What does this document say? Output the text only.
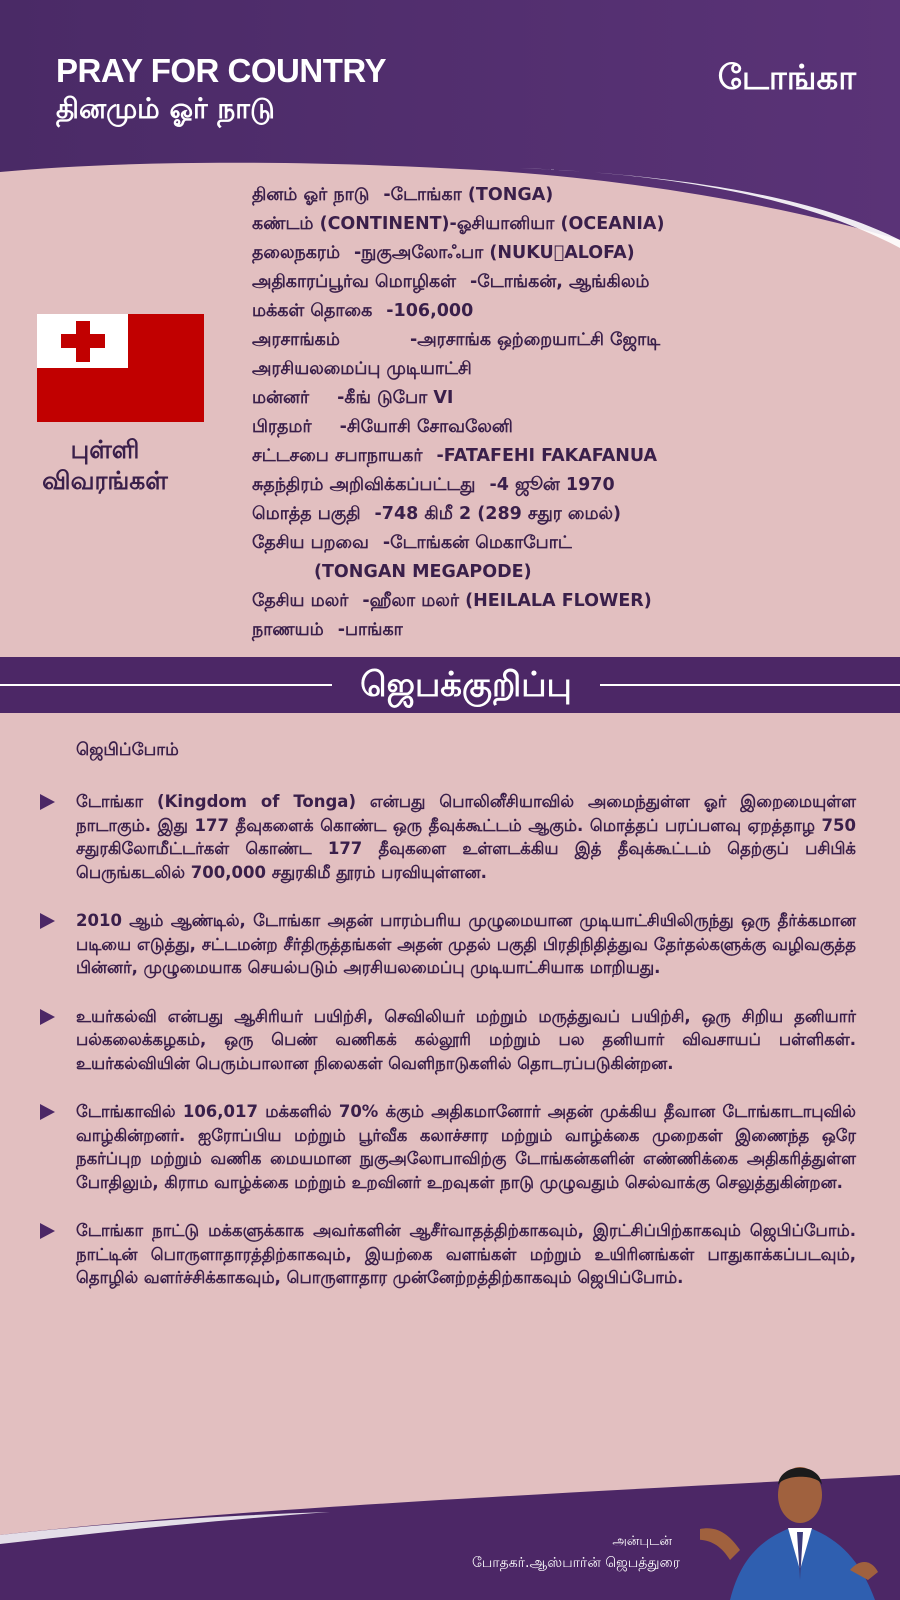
PRAY FOR COUNTRY
தினமும் ஓர் நாடு
டோங்கா
புள்ளி
விவரங்கள்
தினம் ஓர் நாடு -டோங்கா (TONGA)
கண்டம் (CONTINENT)-ஓசியானியா (OCEANIA)
தலைநகரம் -நுகுஅலோஃபா (NUKU ALOFA)
அதிகாரப்பூர்வ மொழிகள் -டோங்கன், ஆங்கிலம்
மக்கள் தொகை -106,000
அரசாங்கம்	-அரசாங்க ஒற்றையாட்சி ஜோடி
அரசியலமைப்பு முடியாட்சி
மன்னர் -கீங் டுபோ VI
பிரதமர் -சியோசி சோவலேனி
சட்டசபை சபாநாயகர் -FATAFEHI FAKAFANUA
சுதந்திரம் அறிவிக்கப்பட்டது -4 ஜூன் 1970
மொத்த பகுதி -748 கிமீ 2 (289 சதுர மைல்)
தேசிய பறவை -டோங்கன் மெகாபோட்
(TONGAN MEGAPODE)
தேசிய மலர் -ஹீலா மலர் (HEILALA FLOWER)
நாணயம் -பாங்கா
ஜெபக்குறிப்பு
ஜெபிப்போம்
டோங்கா (Kingdom of Tonga) என்பது பொலினீசியாவில் அமைந்துள்ள ஓர் இறைமையுள்ள நாடாகும். இது 177 தீவுகளைக் கொண்ட ஒரு தீவுக்கூட்டம் ஆகும். மொத்தப் பரப்பளவு ஏறத்தாழ 750 சதுரகிலோமீட்டர்கள் கொண்ட 177 தீவுகளை உள்ளடக்கிய இத் தீவுக்கூட்டம் தெற்குப் பசிபிக் பெருங்கடலில் 700,000 சதுரகிமீ தூரம் பரவியுள்ளன.
2010 ஆம் ஆண்டில், டோங்கா அதன் பாரம்பரிய முழுமையான முடியாட்சியிலிருந்து ஒரு தீர்க்கமான படியை எடுத்து, சட்டமன்ற சீர்திருத்தங்கள் அதன் முதல் பகுதி பிரதிநிதித்துவ தேர்தல்களுக்கு வழிவகுத்த பின்னர், முழுமையாக செயல்படும் அரசியலமைப்பு முடியாட்சியாக மாறியது.
உயர்கல்வி என்பது ஆசிரியர் பயிற்சி, செவிலியர் மற்றும் மருத்துவப் பயிற்சி, ஒரு சிறிய தனியார் பல்கலைக்கழகம், ஒரு பெண் வணிகக் கல்லூரி மற்றும் பல தனியார் விவசாயப் பள்ளிகள். உயர்கல்வியின் பெரும்பாலான நிலைகள் வெளிநாடுகளில் தொடரப்படுகின்றன.
டோங்காவில் 106,017 மக்களில் 70% க்கும் அதிகமானோர் அதன் முக்கிய தீவான டோங்காடாபுவில் வாழ்கின்றனர். ஐரோப்பிய மற்றும் பூர்வீக கலாச்சார மற்றும் வாழ்க்கை முறைகள் இணைந்த ஒரே நகர்ப்புற மற்றும் வணிக மையமான நுகுஅலோபாவிற்கு டோங்கன்களின் எண்ணிக்கை அதிகரித்துள்ள போதிலும், கிராம வாழ்க்கை மற்றும் உறவினர் உறவுகள் நாடு முழுவதும் செல்வாக்கு செலுத்துகின்றன.
டோங்கா நாட்டு மக்களுக்காக அவர்களின் ஆசீர்வாதத்திற்காகவும், இரட்சிப்பிற்காகவும் ஜெபிப்போம். நாட்டின் பொருளாதாரத்திற்காகவும், இயற்கை வளங்கள் மற்றும் உயிரினங்கள் பாதுகாக்கப்படவும், தொழில் வளர்ச்சிக்காகவும், பொருளாதார முன்னேற்றத்திற்காகவும் ஜெபிப்போம்.
அன்புடன்
போதகர்.ஆஸ்பார்ன் ஜெபத்துரை
